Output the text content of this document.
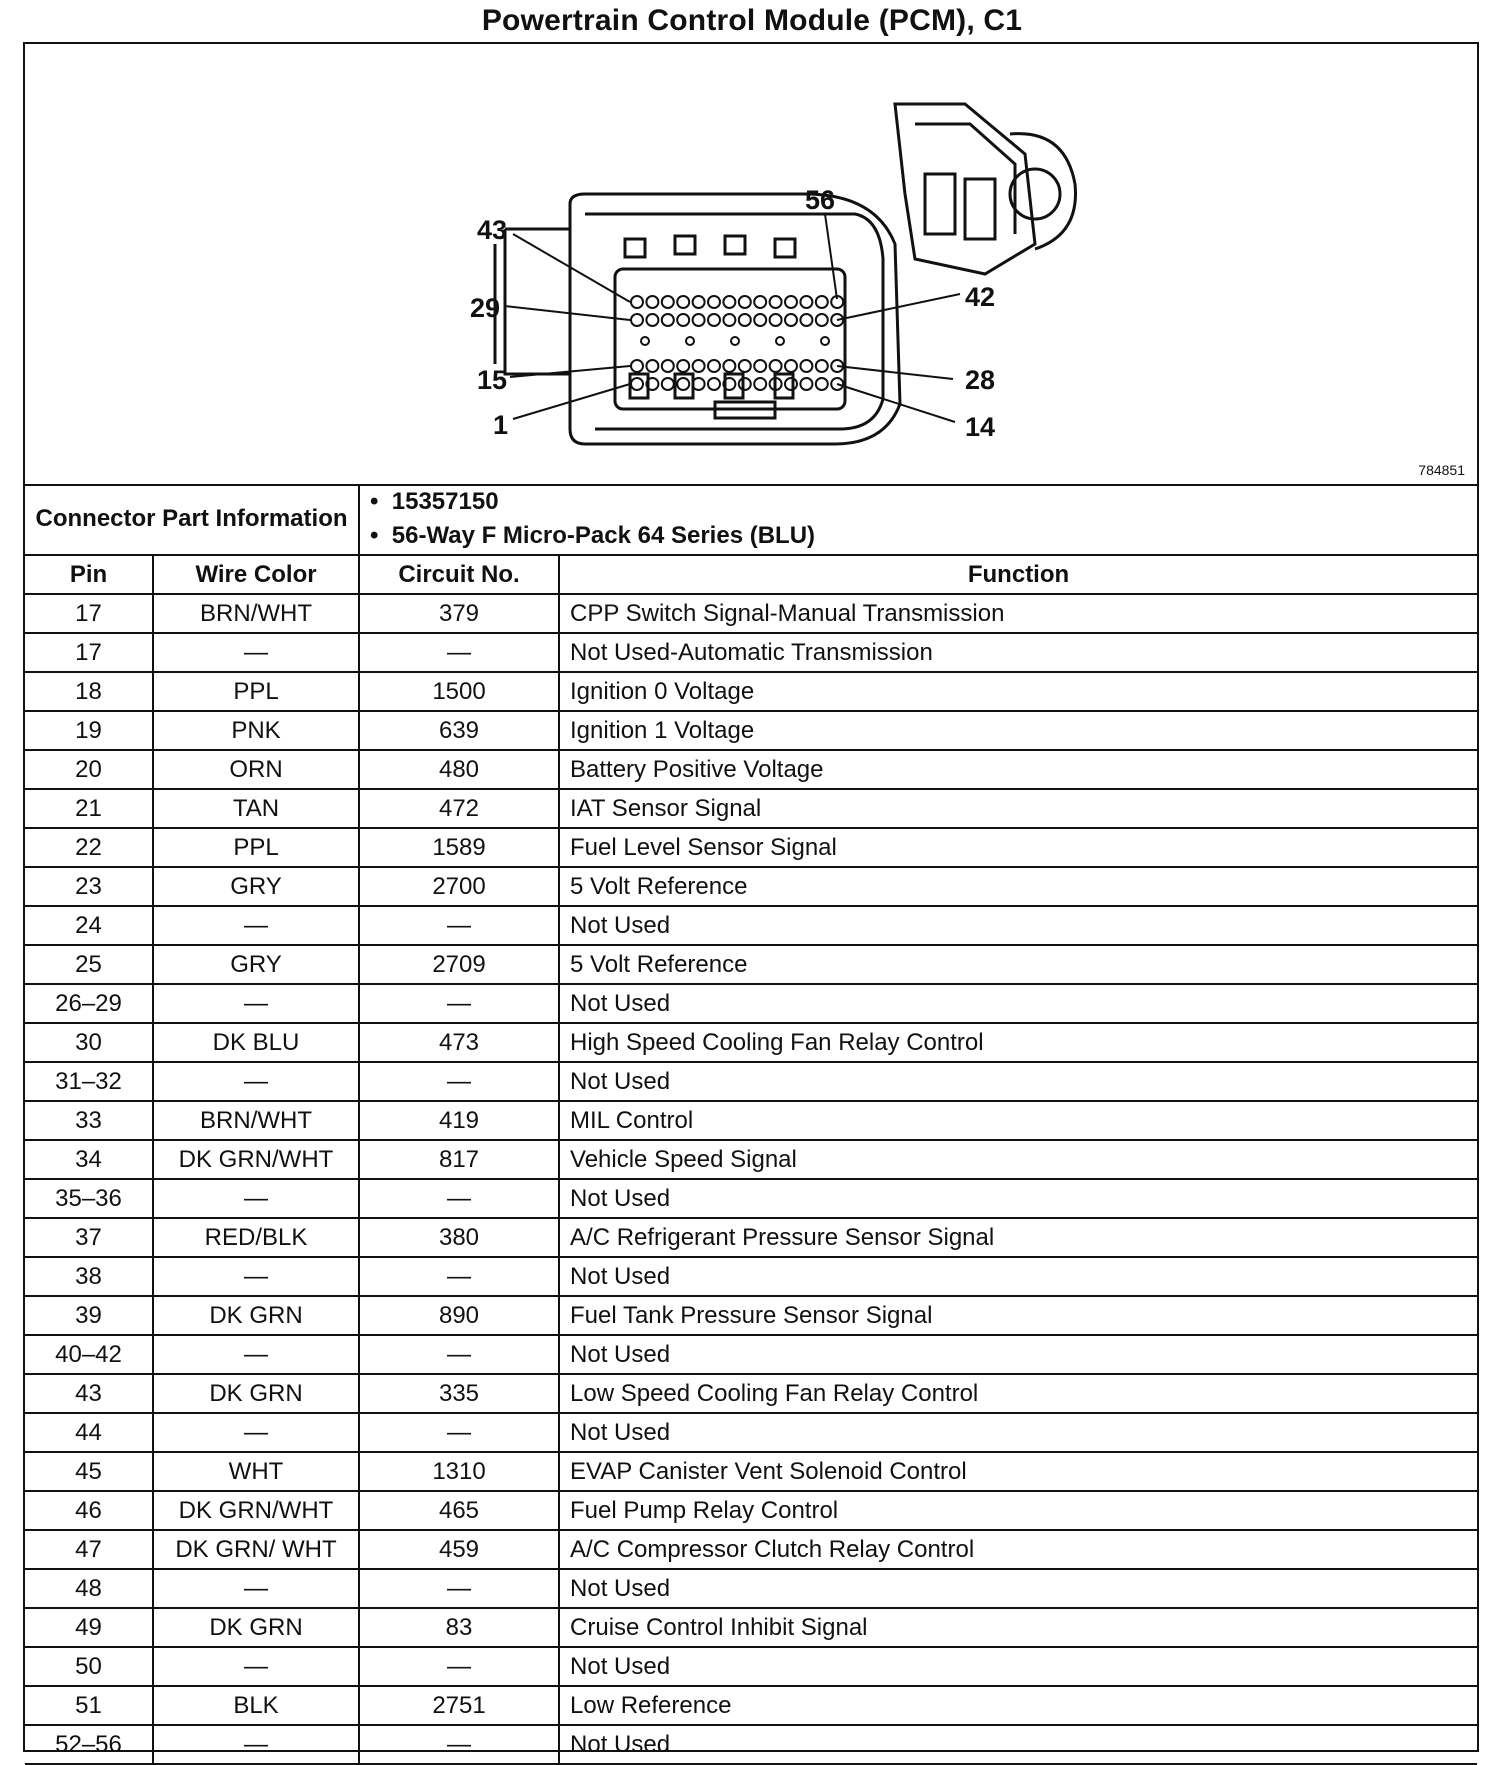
Powertrain Control Module (PCM), C1
43
56
29	42
15	28
1	14
784851
Connector Part Information		•  15357150
•  56-Way F Micro-Pack 64 Series (BLU)

Pin	Wire Color	Circuit No.	Function
17	BRN/WHT	379	CPP Switch Signal-Manual Transmission
17	—	—	Not Used-Automatic Transmission
18	PPL	1500	Ignition 0 Voltage
19	PNK	639	Ignition 1 Voltage
20	ORN	480	Battery Positive Voltage
21	TAN	472	IAT Sensor Signal
22	PPL	1589	Fuel Level Sensor Signal
23	GRY	2700	5 Volt Reference
24	—	—	Not Used
25	GRY	2709	5 Volt Reference
26–29	—	—	Not Used
30	DK BLU	473	High Speed Cooling Fan Relay Control
31–32	—	—	Not Used
33	BRN/WHT	419	MIL Control
34	DK GRN/WHT	817	Vehicle Speed Signal
35–36	—	—	Not Used
37	RED/BLK	380	A/C Refrigerant Pressure Sensor Signal
38	—	—	Not Used
39	DK GRN	890	Fuel Tank Pressure Sensor Signal
40–42	—	—	Not Used
43	DK GRN	335	Low Speed Cooling Fan Relay Control
44	—	—	Not Used
45	WHT	1310	EVAP Canister Vent Solenoid Control
46	DK GRN/WHT	465	Fuel Pump Relay Control
47	DK GRN/ WHT	459	A/C Compressor Clutch Relay Control
48	—	—	Not Used
49	DK GRN	83	Cruise Control Inhibit Signal
50	—	—	Not Used
51	BLK	2751	Low Reference
52–56	—	—	Not Used
